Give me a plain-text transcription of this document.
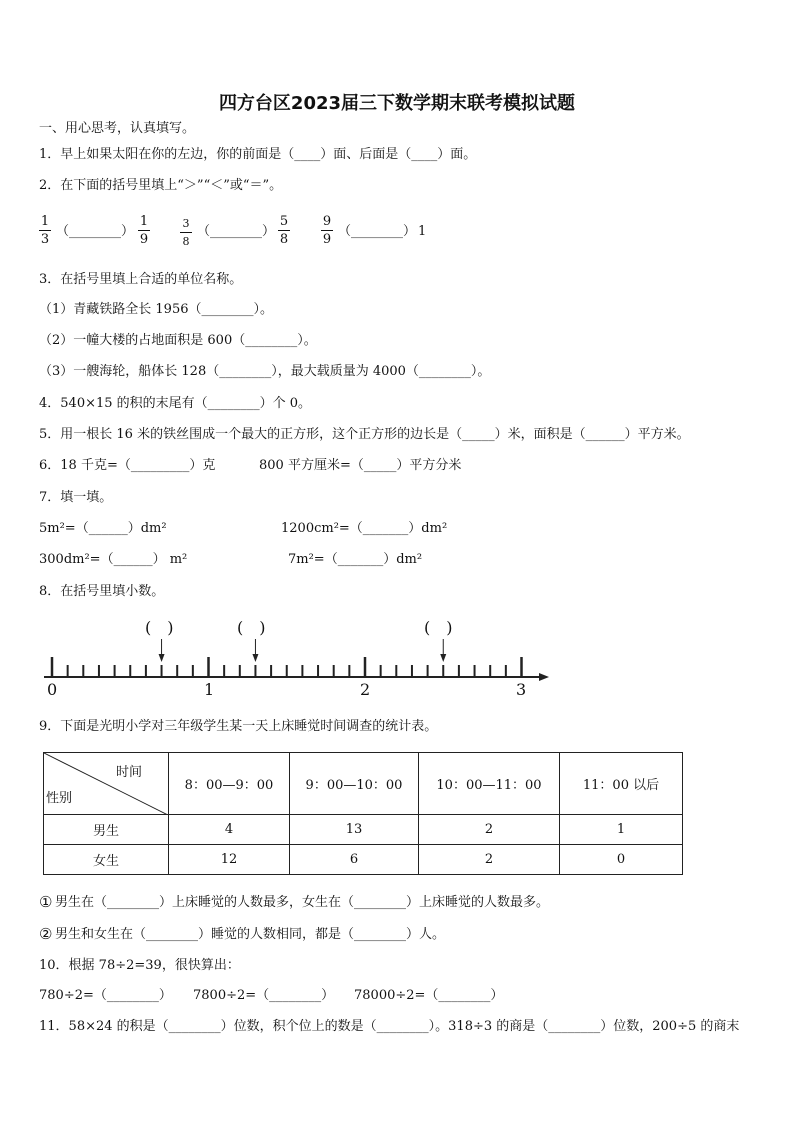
四方台区2023届三下数学期末联考模拟试题
一、用心思考，认真填写。
1．早上如果太阳在你的左边，你的前面是（____）面、后面是（____）面。
2．在下面的括号里填上“＞”“＜”或“＝”。
1
3
（________）
1
9
3
8
（________）
5
8
9
9
（________） 1
3．在括号里填上合适的单位名称。
（1）青藏铁路全长 1956（________）。
（2）一幢大楼的占地面积是 600（________）。
（3）一艘海轮，船体长 128（________），最大载质量为 4000（________）。
4．540×15 的积的末尾有（________）个 0。
5．用一根长 16 米的铁丝围成一个最大的正方形，这个正方形的边长是（_____）米，面积是（______）平方米。
6．18 千克=（_________）克	800 平方厘米=（_____）平方分米
7．填一填。
5m²=（______）dm²	1200cm²=（_______）dm²
300dm²=（______） m²	7m²=（_______）dm²
8．在括号里填小数。
(　)	(　)	(　)
0	1	2	3
9．下面是光明小学对三年级学生某一天上床睡觉时间调查的统计表。
时间
性别	8：00—9：00	9：00—10：00	10：00—11：00	11：00 以后
男生	4	13	2	1
女生	12	6	2	0
① 男生在（________）上床睡觉的人数最多，女生在（________）上床睡觉的人数最多。
② 男生和女生在（________）睡觉的人数相同，都是（________）人。
10．根据 78÷2=39，很快算出：
780÷2=（________） 7800÷2=（________） 78000÷2=（________）
11．58×24 的积是（________）位数，积个位上的数是（________）。318÷3 的商是（________）位数，200÷5 的商末
